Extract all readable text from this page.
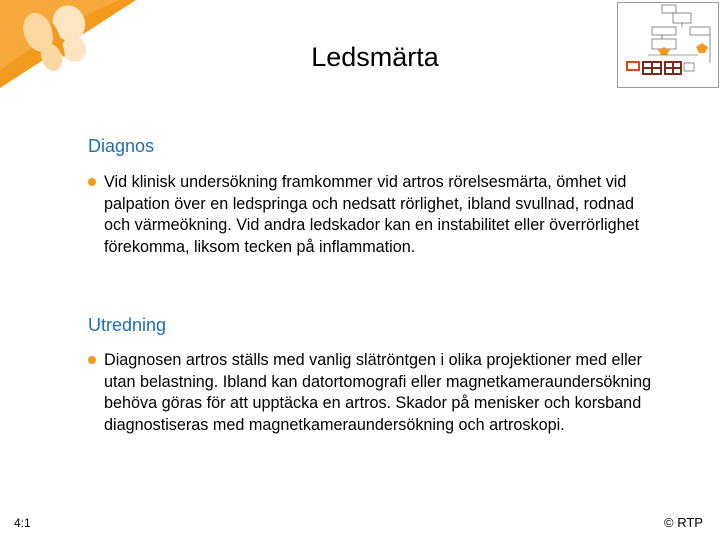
Ledsmärta
Diagnos
Vid klinisk undersökning framkommer vid artros rörelsesmärta, ömhet vid palpation över en ledspringa och nedsatt rörlighet, ibland svullnad, rodnad och värmeökning. Vid andra ledskador kan en instabilitet eller överrörlighet förekomma, liksom tecken på inflammation.
Utredning
Diagnosen artros ställs med vanlig slätröntgen i olika projektioner med eller utan belastning. Ibland kan datortomografi eller magnetkameraundersökning behöva göras för att upptäcka en artros. Skador på menisker och korsband diagnostiseras med magnetkameraundersökning och artroskopi.
4:1	© RTP
